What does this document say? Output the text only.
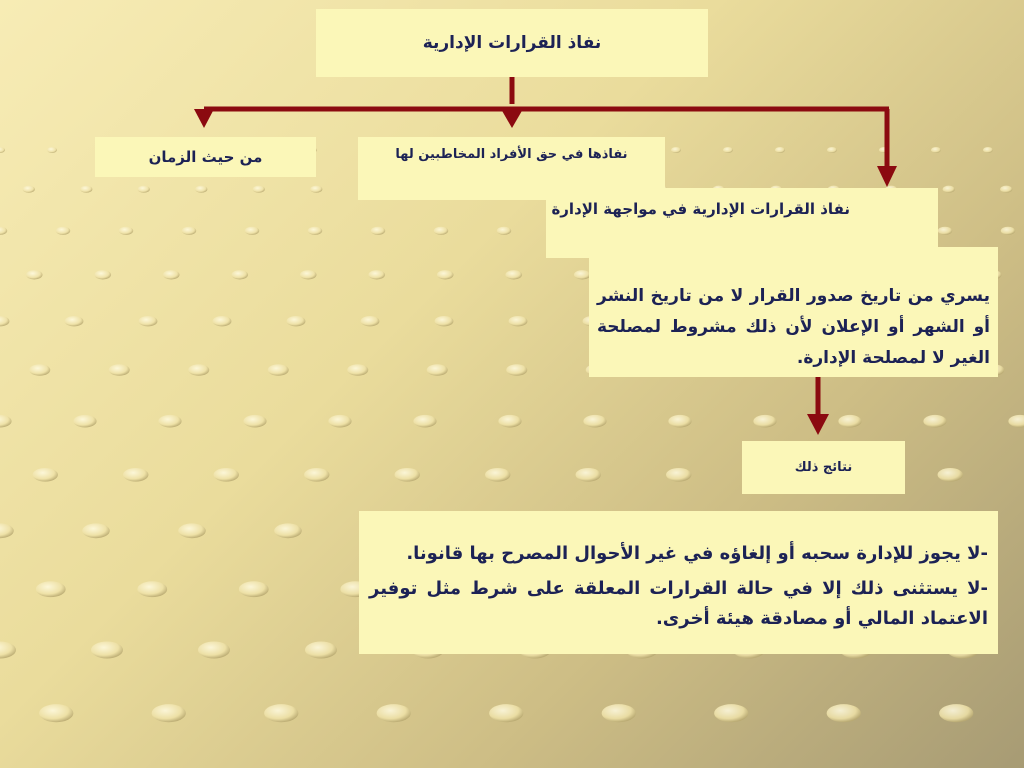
نفاذ القرارات الإدارية
من حيث الزمان	نفاذها في حق الأفراد المخاطبين لها
نفاذ القرارات الإدارية في مواجهة الإدارة
يسري من تاريخ صدور القرار لا من تاريخ النشر أو الشهر أو الإعلان لأن ذلك مشروط لمصلحة الغير لا لمصلحة الإدارة.
نتائج ذلك

-لا يجوز للإدارة سحبه أو إلغاؤه في غير الأحوال المصرح بها قانونا.

-لا يستثنى ذلك إلا في حالة القرارات المعلقة على شرط مثل توفير الاعتماد المالي أو مصادقة هيئة أخرى.
